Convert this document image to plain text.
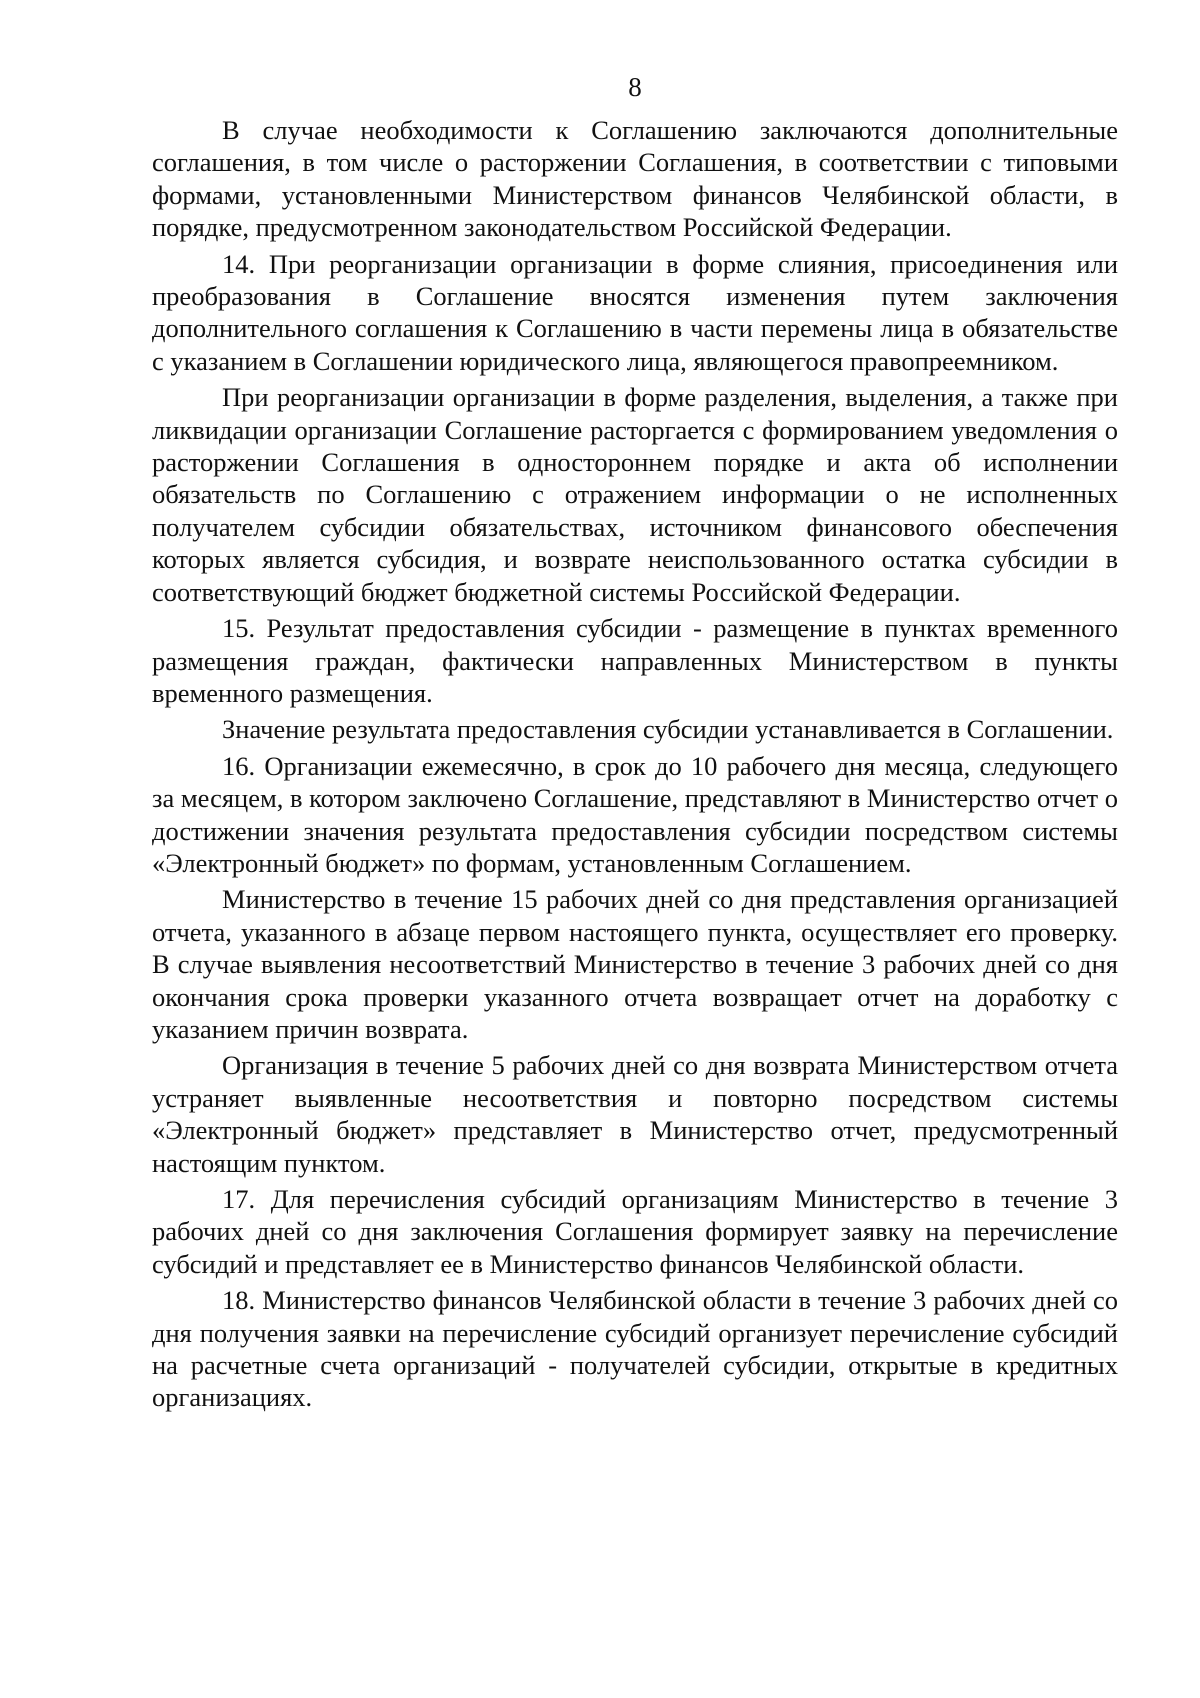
8

В случае необходимости к Соглашению заключаются дополнительные соглашения, в том числе о расторжении Соглашения, в соответствии с типовыми формами, установленными Министерством финансов Челябинской области, в порядке, предусмотренном законодательством Российской Федерации.

14. При реорганизации организации в форме слияния, присоединения или преобразования в Соглашение вносятся изменения путем заключения дополнительного соглашения к Соглашению в части перемены лица в обязательстве с указанием в Соглашении юридического лица, являющегося правопреемником.

При реорганизации организации в форме разделения, выделения, а также при ликвидации организации Соглашение расторгается с формированием уведомления о расторжении Соглашения в одностороннем порядке и акта об исполнении обязательств по Соглашению с отражением информации о не исполненных получателем субсидии обязательствах, источником финансового обеспечения которых является субсидия, и возврате неиспользованного остатка субсидии в соответствующий бюджет бюджетной системы Российской Федерации.

15. Результат предоставления субсидии - размещение в пунктах временного размещения граждан, фактически направленных Министерством в пункты временного размещения.

Значение результата предоставления субсидии устанавливается в Соглашении.

16. Организации ежемесячно, в срок до 10 рабочего дня месяца, следующего за месяцем, в котором заключено Соглашение, представляют в Министерство отчет о достижении значения результата предоставления субсидии посредством системы «Электронный бюджет» по формам, установленным Соглашением.

Министерство в течение 15 рабочих дней со дня представления организацией отчета, указанного в абзаце первом настоящего пункта, осуществляет его проверку. В случае выявления несоответствий Министерство в течение 3 рабочих дней со дня окончания срока проверки указанного отчета возвращает отчет на доработку с указанием причин возврата.

Организация в течение 5 рабочих дней со дня возврата Министерством отчета устраняет выявленные несоответствия и повторно посредством системы «Электронный бюджет» представляет в Министерство отчет, предусмотренный настоящим пунктом.

17. Для перечисления субсидий организациям Министерство в течение 3 рабочих дней со дня заключения Соглашения формирует заявку на перечисление субсидий и представляет ее в Министерство финансов Челябинской области.

18. Министерство финансов Челябинской области в течение 3 рабочих дней со дня получения заявки на перечисление субсидий организует перечисление субсидий на расчетные счета организаций - получателей субсидии, открытые в кредитных организациях.
